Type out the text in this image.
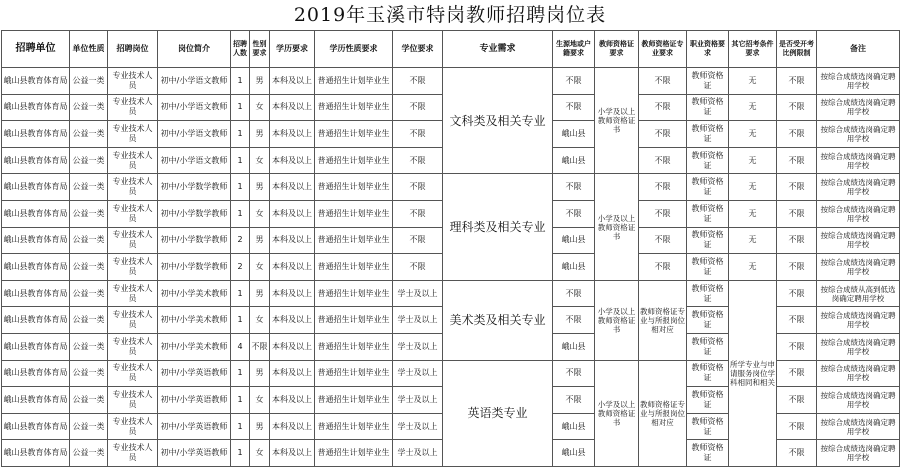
2019年玉溪市特岗教师招聘岗位表
招聘单位	单位性质	招聘岗位	岗位简介	招聘人数	性别要求	学历要求	学历性质要求	学位要求	专业需求	生源地或户籍要求	教师资格证要求	教师资格证专业要求	职业资格要求	其它招考条件要求	是否受开考比例限制	备注
峨山县教育体育局	公益一类	专业技术人员	初中/小学语文教师	1	男	本科及以上	普通招生计划毕业生	不限	文科类及相关专业	不限	小学及以上教师资格证书	不限	教师资格证	无	不限	按综合成绩选岗确定聘用学校
峨山县教育体育局	公益一类	专业技术人员	初中/小学语文教师	1	女	本科及以上	普通招生计划毕业生	不限		不限		不限	教师资格证	无	不限	按综合成绩选岗确定聘用学校
峨山县教育体育局	公益一类	专业技术人员	初中/小学语文教师	1	男	本科及以上	普通招生计划毕业生	不限		峨山县		不限	教师资格证	无	不限	按综合成绩选岗确定聘用学校
峨山县教育体育局	公益一类	专业技术人员	初中/小学语文教师	1	女	本科及以上	普通招生计划毕业生	不限		峨山县		不限	教师资格证	无	不限	按综合成绩选岗确定聘用学校
峨山县教育体育局	公益一类	专业技术人员	初中/小学数学教师	1	男	本科及以上	普通招生计划毕业生	不限	理科类及相关专业	不限	小学及以上教师资格证书	不限	教师资格证	无	不限	按综合成绩选岗确定聘用学校
峨山县教育体育局	公益一类	专业技术人员	初中/小学数学教师	1	女	本科及以上	普通招生计划毕业生	不限		不限		不限	教师资格证	无	不限	按综合成绩选岗确定聘用学校
峨山县教育体育局	公益一类	专业技术人员	初中/小学数学教师	2	男	本科及以上	普通招生计划毕业生	不限		峨山县		不限	教师资格证	无	不限	按综合成绩选岗确定聘用学校
峨山县教育体育局	公益一类	专业技术人员	初中/小学数学教师	2	女	本科及以上	普通招生计划毕业生	不限		峨山县		不限	教师资格证	无	不限	按综合成绩选岗确定聘用学校
峨山县教育体育局	公益一类	专业技术人员	初中/小学美术教师	1	男	本科及以上	普通招生计划毕业生	学士及以上	美术类及相关专业	不限	小学及以上教师资格证书	教师资格证专业与所报岗位相对应	教师资格证	所学专业与申请服务岗位学科相同和相关	不限	按综合成绩从高到低选岗确定聘用学校
峨山县教育体育局	公益一类	专业技术人员	初中/小学美术教师	1	女	本科及以上	普通招生计划毕业生	学士及以上		不限			教师资格证		不限	按综合成绩选岗确定聘用学校
峨山县教育体育局	公益一类	专业技术人员	初中/小学美术教师	4	不限	本科及以上	普通招生计划毕业生	学士及以上		峨山县			教师资格证		不限	按综合成绩选岗确定聘用学校
峨山县教育体育局	公益一类	专业技术人员	初中/小学英语教师	1	男	本科及以上	普通招生计划毕业生	学士及以上	英语类专业	不限	小学及以上教师资格证书	教师资格证专业与所报岗位相对应	教师资格证		不限	按综合成绩选岗确定聘用学校
峨山县教育体育局	公益一类	专业技术人员	初中/小学英语教师	1	女	本科及以上	普通招生计划毕业生	学士及以上		不限			教师资格证		不限	按综合成绩选岗确定聘用学校
峨山县教育体育局	公益一类	专业技术人员	初中/小学英语教师	1	男	本科及以上	普通招生计划毕业生	学士及以上		峨山县			教师资格证		不限	按综合成绩选岗确定聘用学校
峨山县教育体育局	公益一类	专业技术人员	初中/小学英语教师	1	女	本科及以上	普通招生计划毕业生	学士及以上		峨山县			教师资格证		不限	按综合成绩选岗确定聘用学校
